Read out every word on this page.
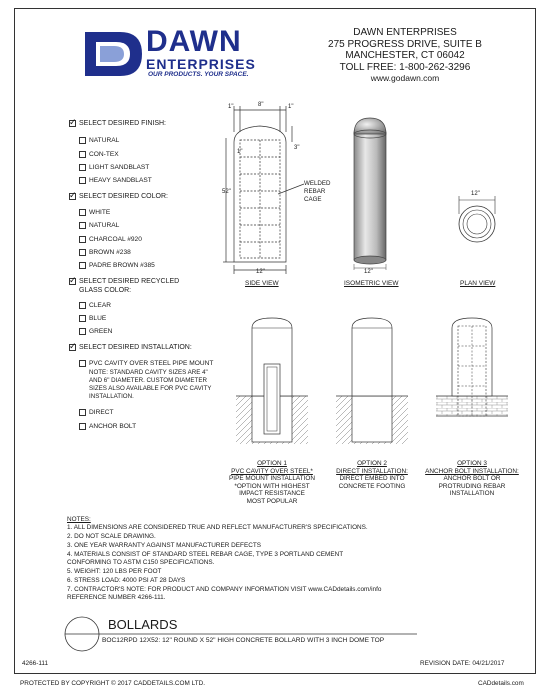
DAWN
ENTERPRISES
OUR PRODUCTS. YOUR SPACE.
DAWN ENTERPRISES
275 PROGRESS DRIVE, SUITE B
MANCHESTER, CT 06042
TOLL FREE: 1-800-262-3296
www.godawn.com
✓ SELECT DESIRED FINISH:
NATURAL
CON-TEX
LIGHT SANDBLAST
HEAVY SANDBLAST
✓ SELECT DESIRED COLOR:
WHITE
NATURAL
CHARCOAL #920
BROWN #238
PADRE BROWN #385
✓ SELECT DESIRED RECYCLED
GLASS COLOR:
CLEAR
BLUE
GREEN
✓ SELECT DESIRED INSTALLATION:
PVC CAVITY OVER STEEL PIPE MOUNT
NOTE: STANDARD CAVITY SIZES ARE 4"
AND 6" DIAMETER. CUSTOM DIAMETER
SIZES ALSO AVAILABLE FOR PVC CAVITY
INSTALLATION.
DIRECT
ANCHOR BOLT
1"	8"	1"
3"
1"
52"
12"
SIDE VIEW
WELDED
REBAR
CAGE
12"
ISOMETRIC VIEW
12"
PLAN VIEW
OPTION 1
PVC CAVITY OVER STEEL*
PIPE MOUNT INSTALLATION
*OPTION WITH HIGHEST
IMPACT RESISTANCE
MOST POPULAR
OPTION 2
DIRECT INSTALLATION:
DIRECT EMBED INTO
CONCRETE FOOTING
OPTION 3
ANCHOR BOLT INSTALLATION:
ANCHOR BOLT OR
PROTRUDING REBAR
INSTALLATION
NOTES:
1. ALL DIMENSIONS ARE CONSIDERED TRUE AND REFLECT MANUFACTURER'S SPECIFICATIONS.
2. DO NOT SCALE DRAWING.
3. ONE YEAR WARRANTY AGAINST MANUFACTURER DEFECTS
4. MATERIALS CONSIST OF STANDARD STEEL REBAR CAGE, TYPE 3 PORTLAND CEMENT
CONFORMING TO ASTM C150 SPECIFICATIONS.
5. WEIGHT: 120 LBS PER FOOT
6. STRESS LOAD: 4000 PSI AT 28 DAYS
7. CONTRACTOR'S NOTE: FOR PRODUCT AND COMPANY INFORMATION VISIT www.CADdetails.com/info
REFERENCE NUMBER 4266-111.
BOLLARDS
BOC12RPD 12X52: 12" ROUND X 52" HIGH CONCRETE BOLLARD WITH 3 INCH DOME TOP
4266-111	REVISION DATE: 04/21/2017
PROTECTED BY COPYRIGHT © 2017 CADDETAILS.COM LTD.	CADdetails.com
